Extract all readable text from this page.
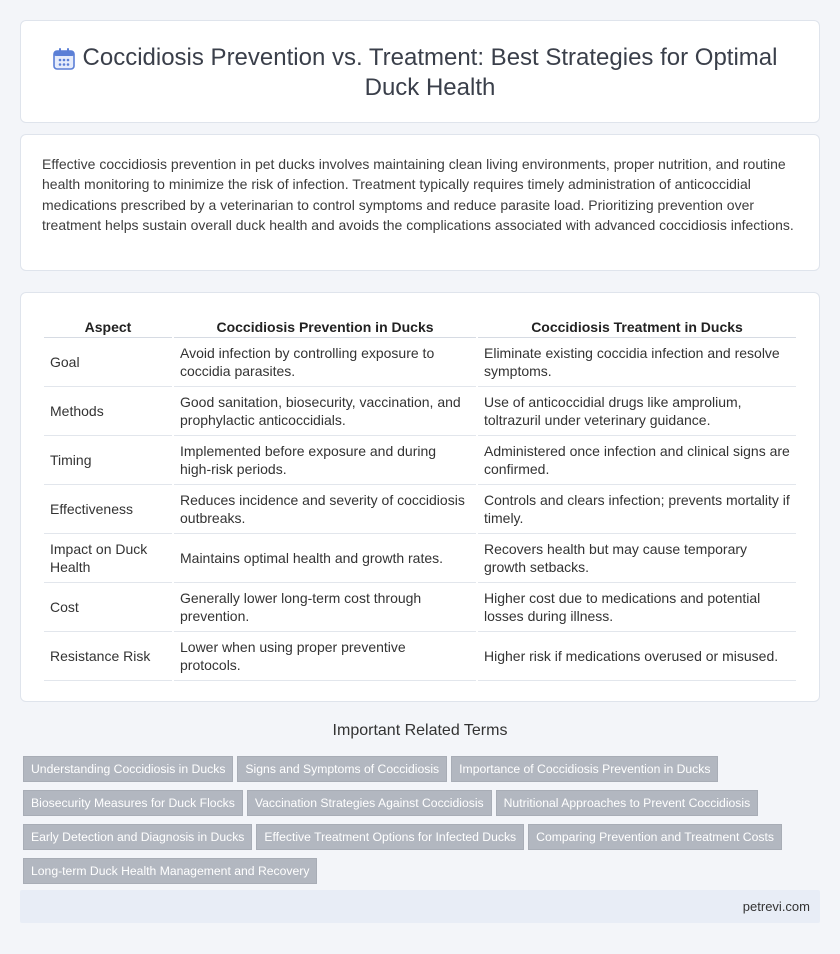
Coccidiosis Prevention vs. Treatment: Best Strategies for Optimal Duck Health

Effective coccidiosis prevention in pet ducks involves maintaining clean living environments, proper nutrition, and routine health monitoring to minimize the risk of infection. Treatment typically requires timely administration of anticoccidial medications prescribed by a veterinarian to control symptoms and reduce parasite load. Prioritizing prevention over treatment helps sustain overall duck health and avoids the complications associated with advanced coccidiosis infections.

Aspect	Coccidiosis Prevention in Ducks	Coccidiosis Treatment in Ducks
Goal	Avoid infection by controlling exposure to coccidia parasites.	Eliminate existing coccidia infection and resolve symptoms.
Methods	Good sanitation, biosecurity, vaccination, and prophylactic anticoccidials.	Use of anticoccidial drugs like amprolium, toltrazuril under veterinary guidance.
Timing	Implemented before exposure and during high-risk periods.	Administered once infection and clinical signs are confirmed.
Effectiveness	Reduces incidence and severity of coccidiosis outbreaks.	Controls and clears infection; prevents mortality if timely.
Impact on Duck Health	Maintains optimal health and growth rates.	Recovers health but may cause temporary growth setbacks.
Cost	Generally lower long-term cost through prevention.	Higher cost due to medications and potential losses during illness.
Resistance Risk	Lower when using proper preventive protocols.	Higher risk if medications overused or misused.
Important Related Terms
Understanding Coccidiosis in Ducks Signs and Symptoms of Coccidiosis Importance of Coccidiosis Prevention in Ducks
Biosecurity Measures for Duck Flocks Vaccination Strategies Against Coccidiosis Nutritional Approaches to Prevent Coccidiosis
Early Detection and Diagnosis in Ducks Effective Treatment Options for Infected Ducks Comparing Prevention and Treatment Costs
Long-term Duck Health Management and Recovery
petrevi.com
